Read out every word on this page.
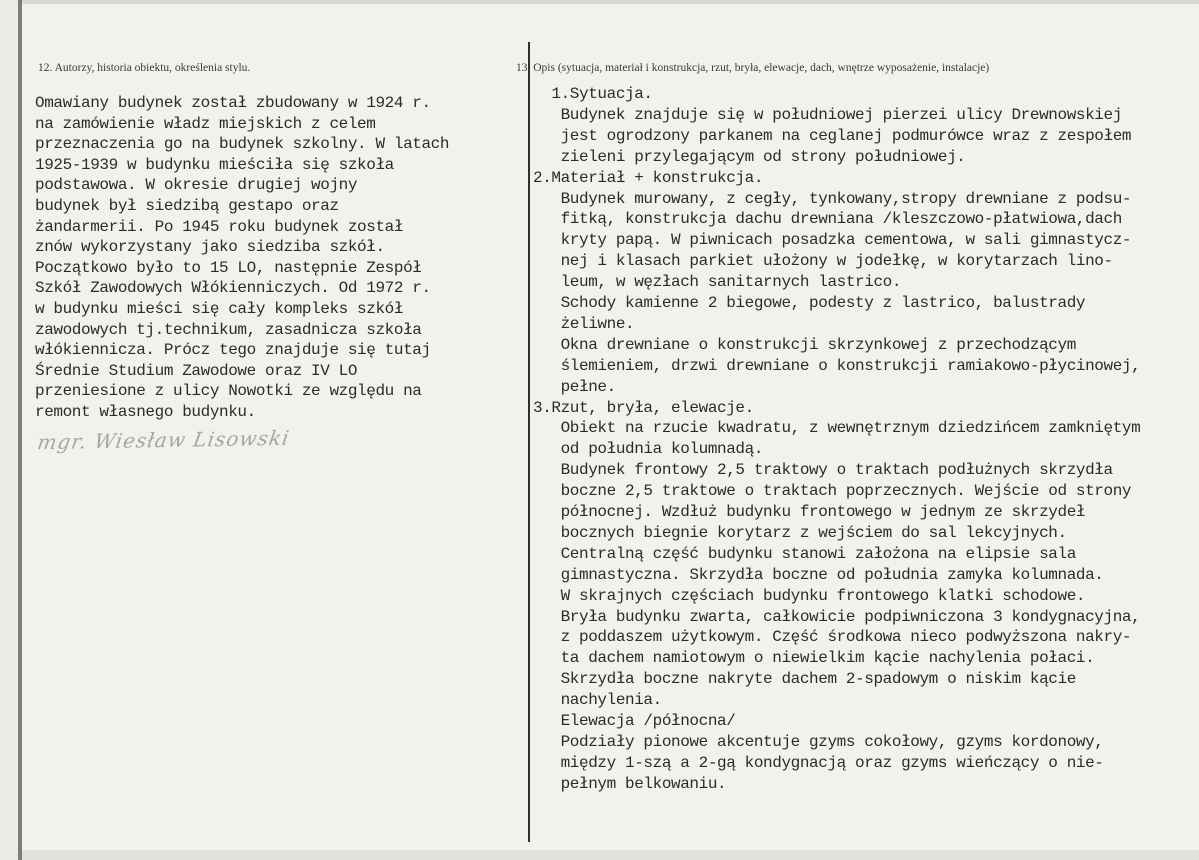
12. Autorzy, historia obiektu, określenia stylu.	13. Opis (sytuacja, materiał i konstrukcja, rzut, bryła, elewacje, dach, wnętrze wyposażenie, instalacje)

Omawiany budynek został zbudowany w 1924 r.
na zamówienie władz miejskich z celem
przeznaczenia go na budynek szkolny. W latach
1925-1939 w budynku mieściła się szkoła
podstawowa. W okresie drugiej wojny
budynek był siedzibą gestapo oraz
żandarmerii. Po 1945 roku budynek został
znów wykorzystany jako siedziba szkół.
Początkowo było to 15 LO, następnie Zespół
Szkół Zawodowych Włókienniczych. Od 1972 r.
w budynku mieści się cały kompleks szkół
zawodowych tj.technikum, zasadnicza szkoła
włókiennicza. Prócz tego znajduje się tutaj
Średnie Studium Zawodowe oraz IV LO
przeniesione z ulicy Nowotki ze względu na
remont własnego budynku.
mgr. Wiesław Lisowski
1.Sytuacja.
Budynek znajduje się w południowej pierzei ulicy Drewnowskiej
jest ogrodzony parkanem na ceglanej podmurówce wraz z zespołem
zieleni przylegającym od strony południowej.
2.Materiał + konstrukcja.
Budynek murowany, z cegły, tynkowany,stropy drewniane z podsu-
fitką, konstrukcja dachu drewniana /kleszczowo-płatwiowa,dach
kryty papą. W piwnicach posadzka cementowa, w sali gimnastycz-
nej i klasach parkiet ułożony w jodełkę, w korytarzach lino-
leum, w węzłach sanitarnych lastrico.
Schody kamienne 2 biegowe, podesty z lastrico, balustrady
żeliwne.
Okna drewniane o konstrukcji skrzynkowej z przechodzącym
ślemieniem, drzwi drewniane o konstrukcji ramiakowo-płycinowej,
pełne.
3.Rzut, bryła, elewacje.
Obiekt na rzucie kwadratu, z wewnętrznym dziedzińcem zamkniętym
od południa kolumnadą.
Budynek frontowy 2,5 traktowy o traktach podłużnych skrzydła
boczne 2,5 traktowe o traktach poprzecznych. Wejście od strony
północnej. Wzdłuż budynku frontowego w jednym ze skrzydeł
bocznych biegnie korytarz z wejściem do sal lekcyjnych.
Centralną część budynku stanowi założona na elipsie sala
gimnastyczna. Skrzydła boczne od południa zamyka kolumnada.
W skrajnych częściach budynku frontowego klatki schodowe.
Bryła budynku zwarta, całkowicie podpiwniczona 3 kondygnacyjna,
z poddaszem użytkowym. Część środkowa nieco podwyższona nakry-
ta dachem namiotowym o niewielkim kącie nachylenia połaci.
Skrzydła boczne nakryte dachem 2-spadowym o niskim kącie
nachylenia.
Elewacja /północna/
Podziały pionowe akcentuje gzyms cokołowy, gzyms kordonowy,
między 1-szą a 2-gą kondygnacją oraz gzyms wieńczący o nie-
pełnym belkowaniu.
